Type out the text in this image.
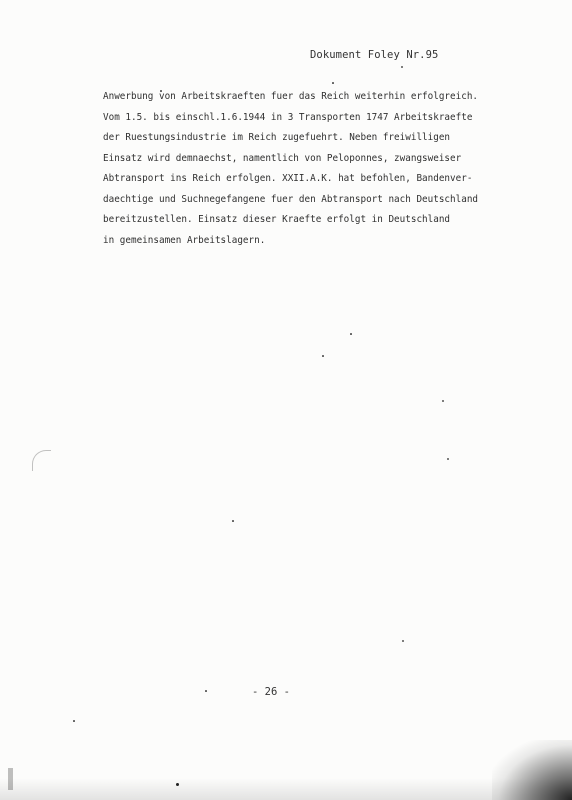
Dokument Foley Nr.95
Anwerbung von Arbeitskraeften fuer das Reich weiterhin erfolgreich.
Vom 1.5. bis einschl.1.6.1944 in 3 Transporten 1747 Arbeitskraefte
der Ruestungsindustrie im Reich zugefuehrt. Neben freiwilligen
Einsatz wird demnaechst, namentlich von Peloponnes, zwangsweiser
Abtransport ins Reich erfolgen. XXII.A.K. hat befohlen, Bandenver-
daechtige und Suchnegefangene fuer den Abtransport nach Deutschland
bereitzustellen. Einsatz dieser Kraefte erfolgt in Deutschland
in gemeinsamen Arbeitslagern.
- 26 -
